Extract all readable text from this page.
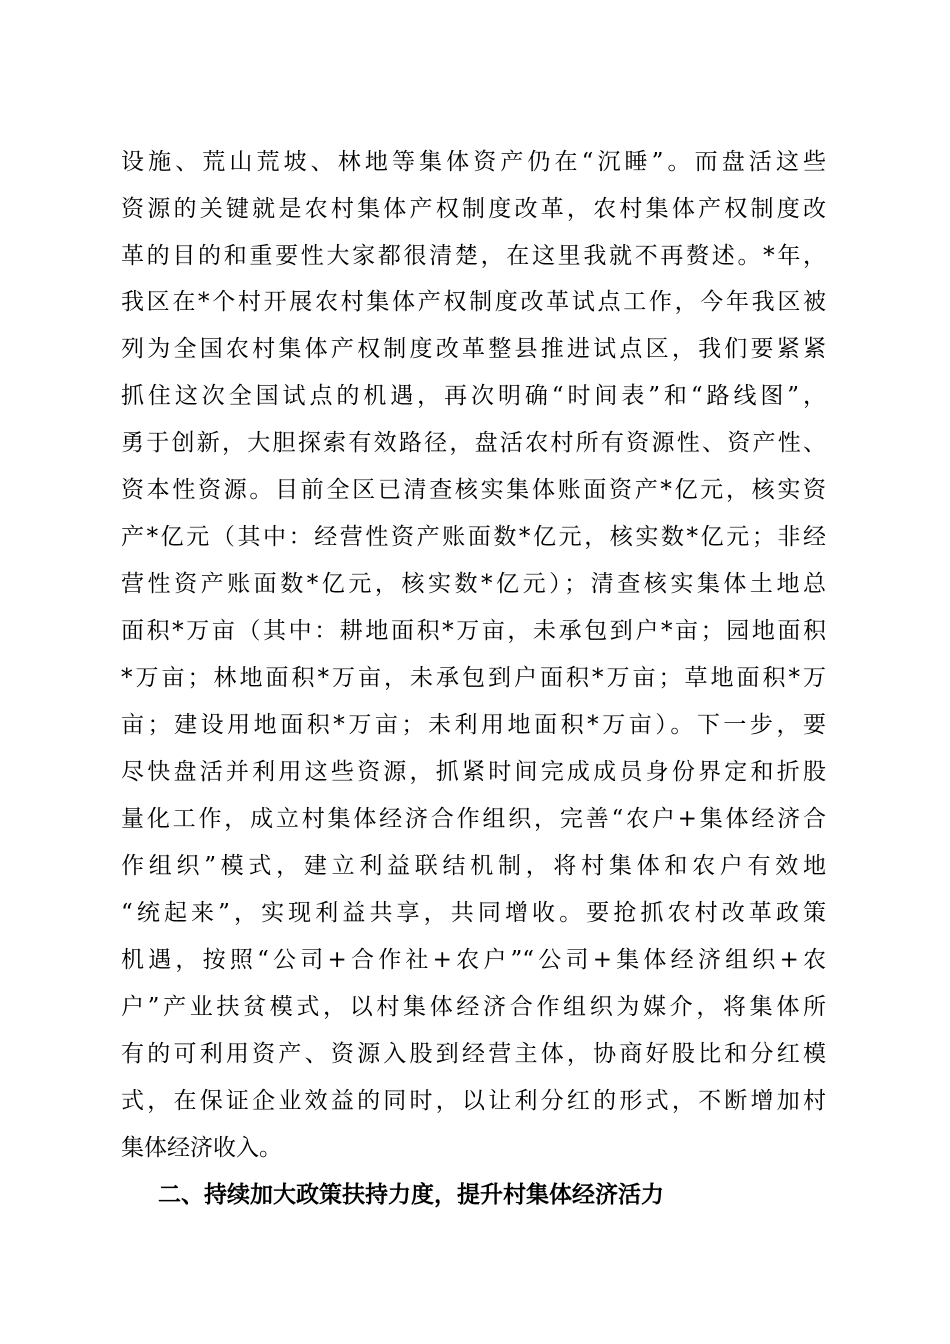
设施、荒山荒坡、林地等集体资产仍在“沉睡”。而盘活这些
资源的关键就是农村集体产权制度改革，农村集体产权制度改
革的目的和重要性大家都很清楚，在这里我就不再赘述。*年，
我区在*个村开展农村集体产权制度改革试点工作，今年我区被
列为全国农村集体产权制度改革整县推进试点区，我们要紧紧
抓住这次全国试点的机遇，再次明确“时间表”和“路线图”，
勇于创新，大胆探索有效路径，盘活农村所有资源性、资产性、
资本性资源。目前全区已清查核实集体账面资产*亿元，核实资
产*亿元（其中：经营性资产账面数*亿元，核实数*亿元；非经
营性资产账面数*亿元，核实数*亿元）；清查核实集体土地总
面积*万亩（其中：耕地面积*万亩，未承包到户*亩；园地面积
*万亩；林地面积*万亩，未承包到户面积*万亩；草地面积*万
亩；建设用地面积*万亩；未利用地面积*万亩）。下一步，要
尽快盘活并利用这些资源，抓紧时间完成成员身份界定和折股
量化工作，成立村集体经济合作组织，完善“农户+集体经济合
作组织”模式，建立利益联结机制，将村集体和农户有效地
“统起来”，实现利益共享，共同增收。要抢抓农村改革政策
机遇，按照“公司+合作社+农户”“公司+集体经济组织+农
户”产业扶贫模式，以村集体经济合作组织为媒介，将集体所
有的可利用资产、资源入股到经营主体，协商好股比和分红模
式，在保证企业效益的同时，以让利分红的形式，不断增加村
集体经济收入。
二、持续加大政策扶持力度，提升村集体经济活力
